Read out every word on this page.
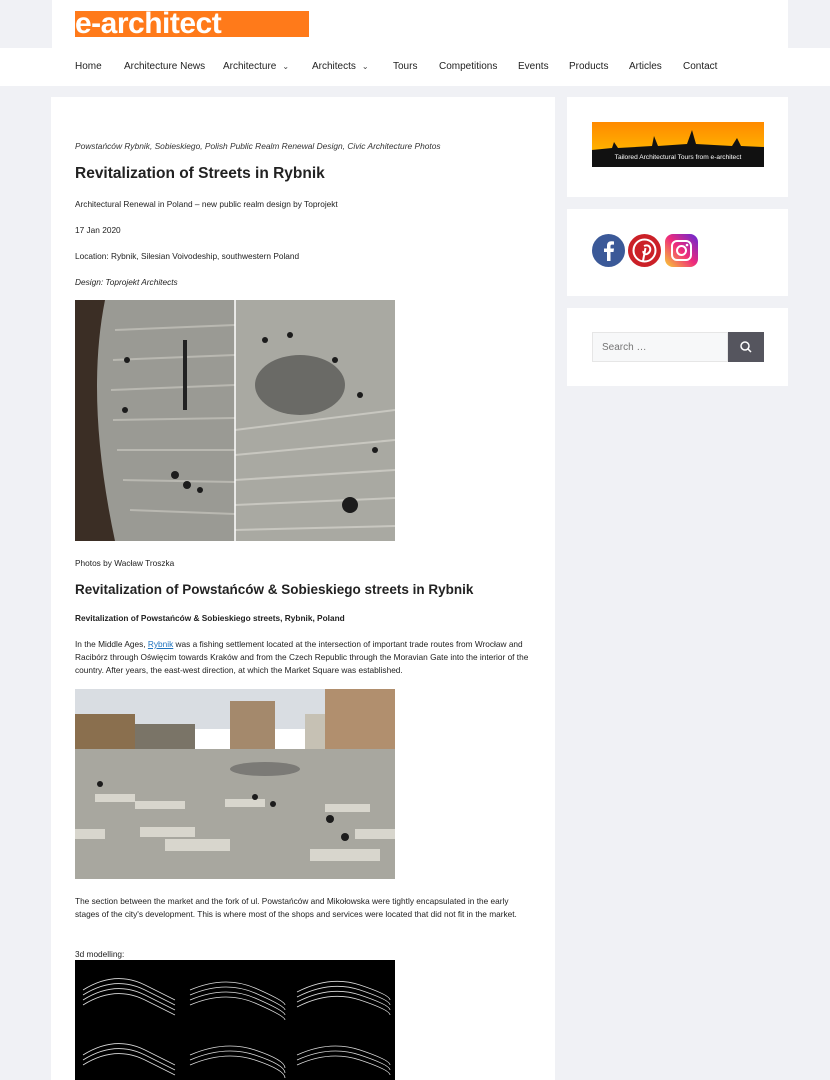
e-architect
Home Architecture News Architecture ⌄ Architects ⌄ Tours Competitions Events Products Articles Contact
Powstańców Rybnik, Sobieskiego, Polish Public Realm Renewal Design, Civic Architecture Photos
Revitalization of Streets in Rybnik
Architectural Renewal in Poland – new public realm design by Toprojekt
17 Jan 2020
Location: Rybnik, Silesian Voivodeship, southwestern Poland
Design: Toprojekt Architects
Photos by Wacław Troszka
Revitalization of Powstańców & Sobieskiego streets in Rybnik
Revitalization of Powstańców & Sobieskiego streets, Rybnik, Poland

In the Middle Ages, Rybnik was a fishing settlement located at the intersection of important trade routes from Wrocław and Racibórz through Oświęcim towards Kraków and from the Czech Republic through the Moravian Gate into the interior of the country. After years, the east-west direction, at which the Market Square was established.

The section between the market and the fork of ul. Powstańców and Mikołowska were tightly encapsulated in the early stages of the city's development. This is where most of the shops and services were located that did not fit in the market.

3d modelling:
Tailored Architectural Tours from e-architect
Search …
